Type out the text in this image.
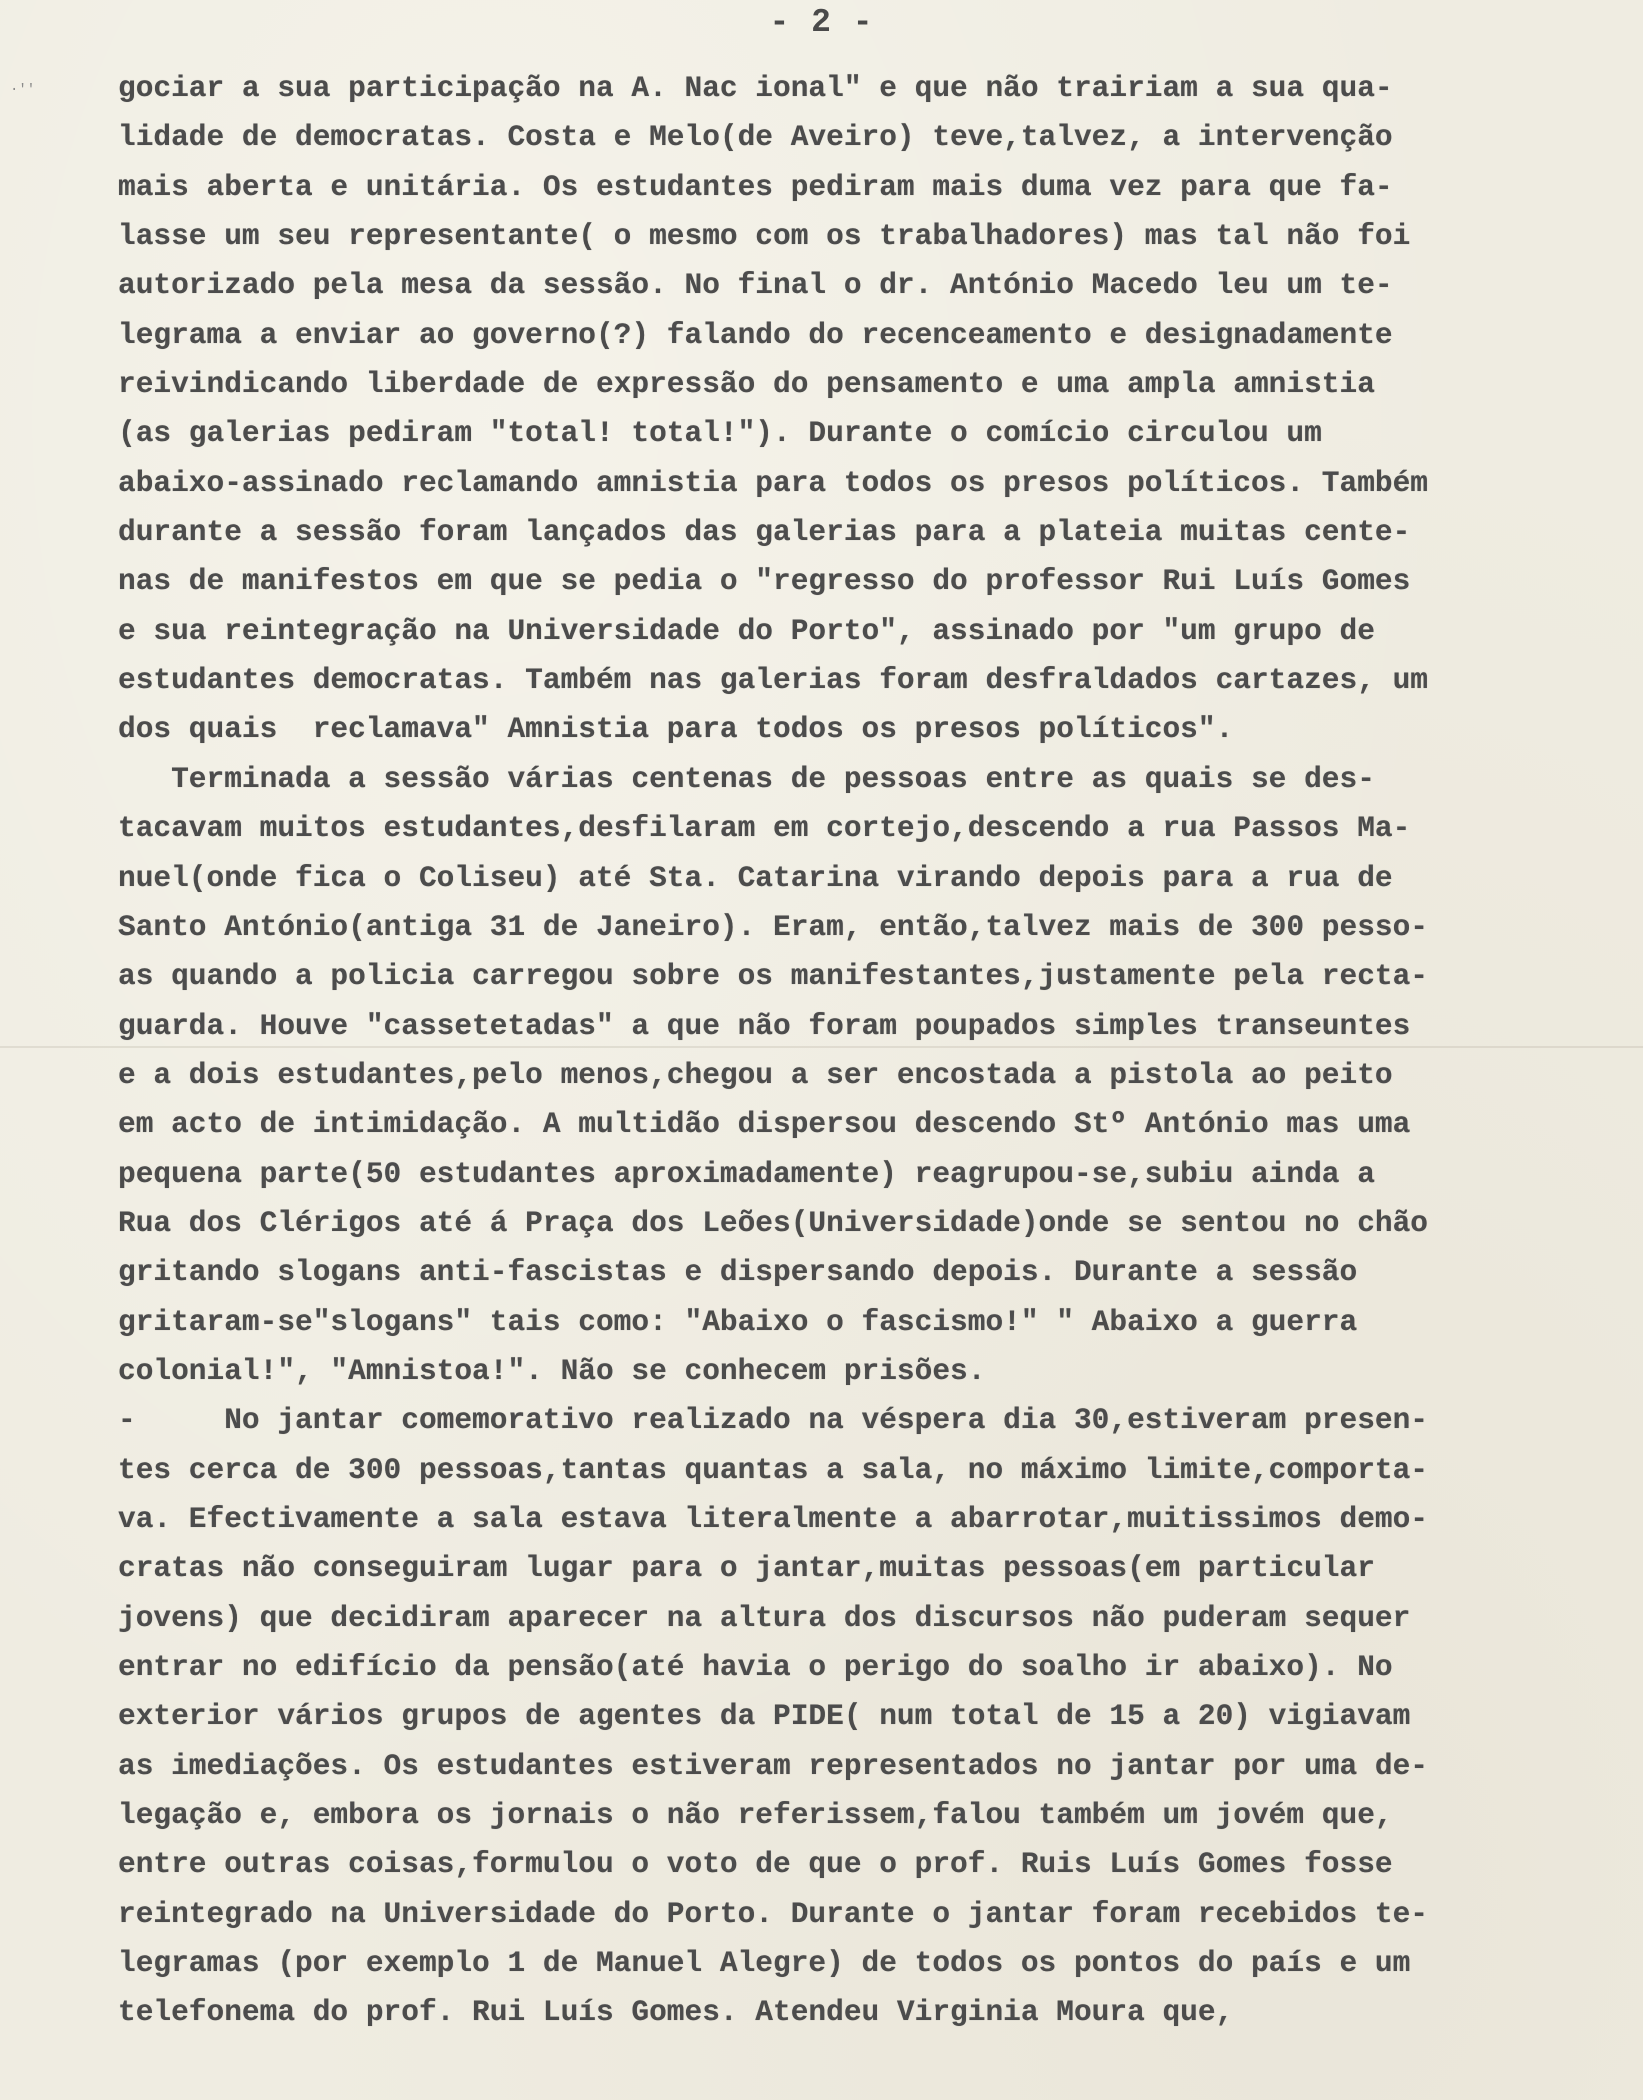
- 2 -
·''	gociar a sua participação na A. Nac ional" e que não trairiam a sua qua-
lidade de democratas. Costa e Melo(de Aveiro) teve,talvez, a intervenção
mais aberta e unitária. Os estudantes pediram mais duma vez para que fa-
lasse um seu representante( o mesmo com os trabalhadores) mas tal não foi
autorizado pela mesa da sessão. No final o dr. António Macedo leu um te-
legrama a enviar ao governo(?) falando do recenceamento e designadamente
reivindicando liberdade de expressão do pensamento e uma ampla amnistia
(as galerias pediram "total! total!"). Durante o comício circulou um
abaixo-assinado reclamando amnistia para todos os presos políticos. Também
durante a sessão foram lançados das galerias para a plateia muitas cente-
nas de manifestos em que se pedia o "regresso do professor Rui Luís Gomes
e sua reintegração na Universidade do Porto", assinado por "um grupo de
estudantes democratas. Também nas galerias foram desfraldados cartazes, um
dos quais  reclamava" Amnistia para todos os presos políticos".
Terminada a sessão várias centenas de pessoas entre as quais se des-
tacavam muitos estudantes,desfilaram em cortejo,descendo a rua Passos Ma-
nuel(onde fica o Coliseu) até Sta. Catarina virando depois para a rua de
Santo António(antiga 31 de Janeiro). Eram, então,talvez mais de 300 pesso-
as quando a policia carregou sobre os manifestantes,justamente pela recta-
guarda. Houve "cassetetadas" a que não foram poupados simples transeuntes
e a dois estudantes,pelo menos,chegou a ser encostada a pistola ao peito
em acto de intimidação. A multidão dispersou descendo Stº António mas uma
pequena parte(50 estudantes aproximadamente) reagrupou-se,subiu ainda a
Rua dos Clérigos até á Praça dos Leões(Universidade)onde se sentou no chão
gritando slogans anti-fascistas e dispersando depois. Durante a sessão
gritaram-se"slogans" tais como: "Abaixo o fascismo!" " Abaixo a guerra
colonial!", "Amnistoa!". Não se conhecem prisões.
-     No jantar comemorativo realizado na véspera dia 30,estiveram presen-
tes cerca de 300 pessoas,tantas quantas a sala, no máximo limite,comporta-
va. Efectivamente a sala estava literalmente a abarrotar,muitissimos demo-
cratas não conseguiram lugar para o jantar,muitas pessoas(em particular
jovens) que decidiram aparecer na altura dos discursos não puderam sequer
entrar no edifício da pensão(até havia o perigo do soalho ir abaixo). No
exterior vários grupos de agentes da PIDE( num total de 15 a 20) vigiavam
as imediações. Os estudantes estiveram representados no jantar por uma de-
legação e, embora os jornais o não referissem,falou também um jovém que,
entre outras coisas,formulou o voto de que o prof. Ruis Luís Gomes fosse
reintegrado na Universidade do Porto. Durante o jantar foram recebidos te-
legramas (por exemplo 1 de Manuel Alegre) de todos os pontos do país e um
telefonema do prof. Rui Luís Gomes. Atendeu Virginia Moura que,
